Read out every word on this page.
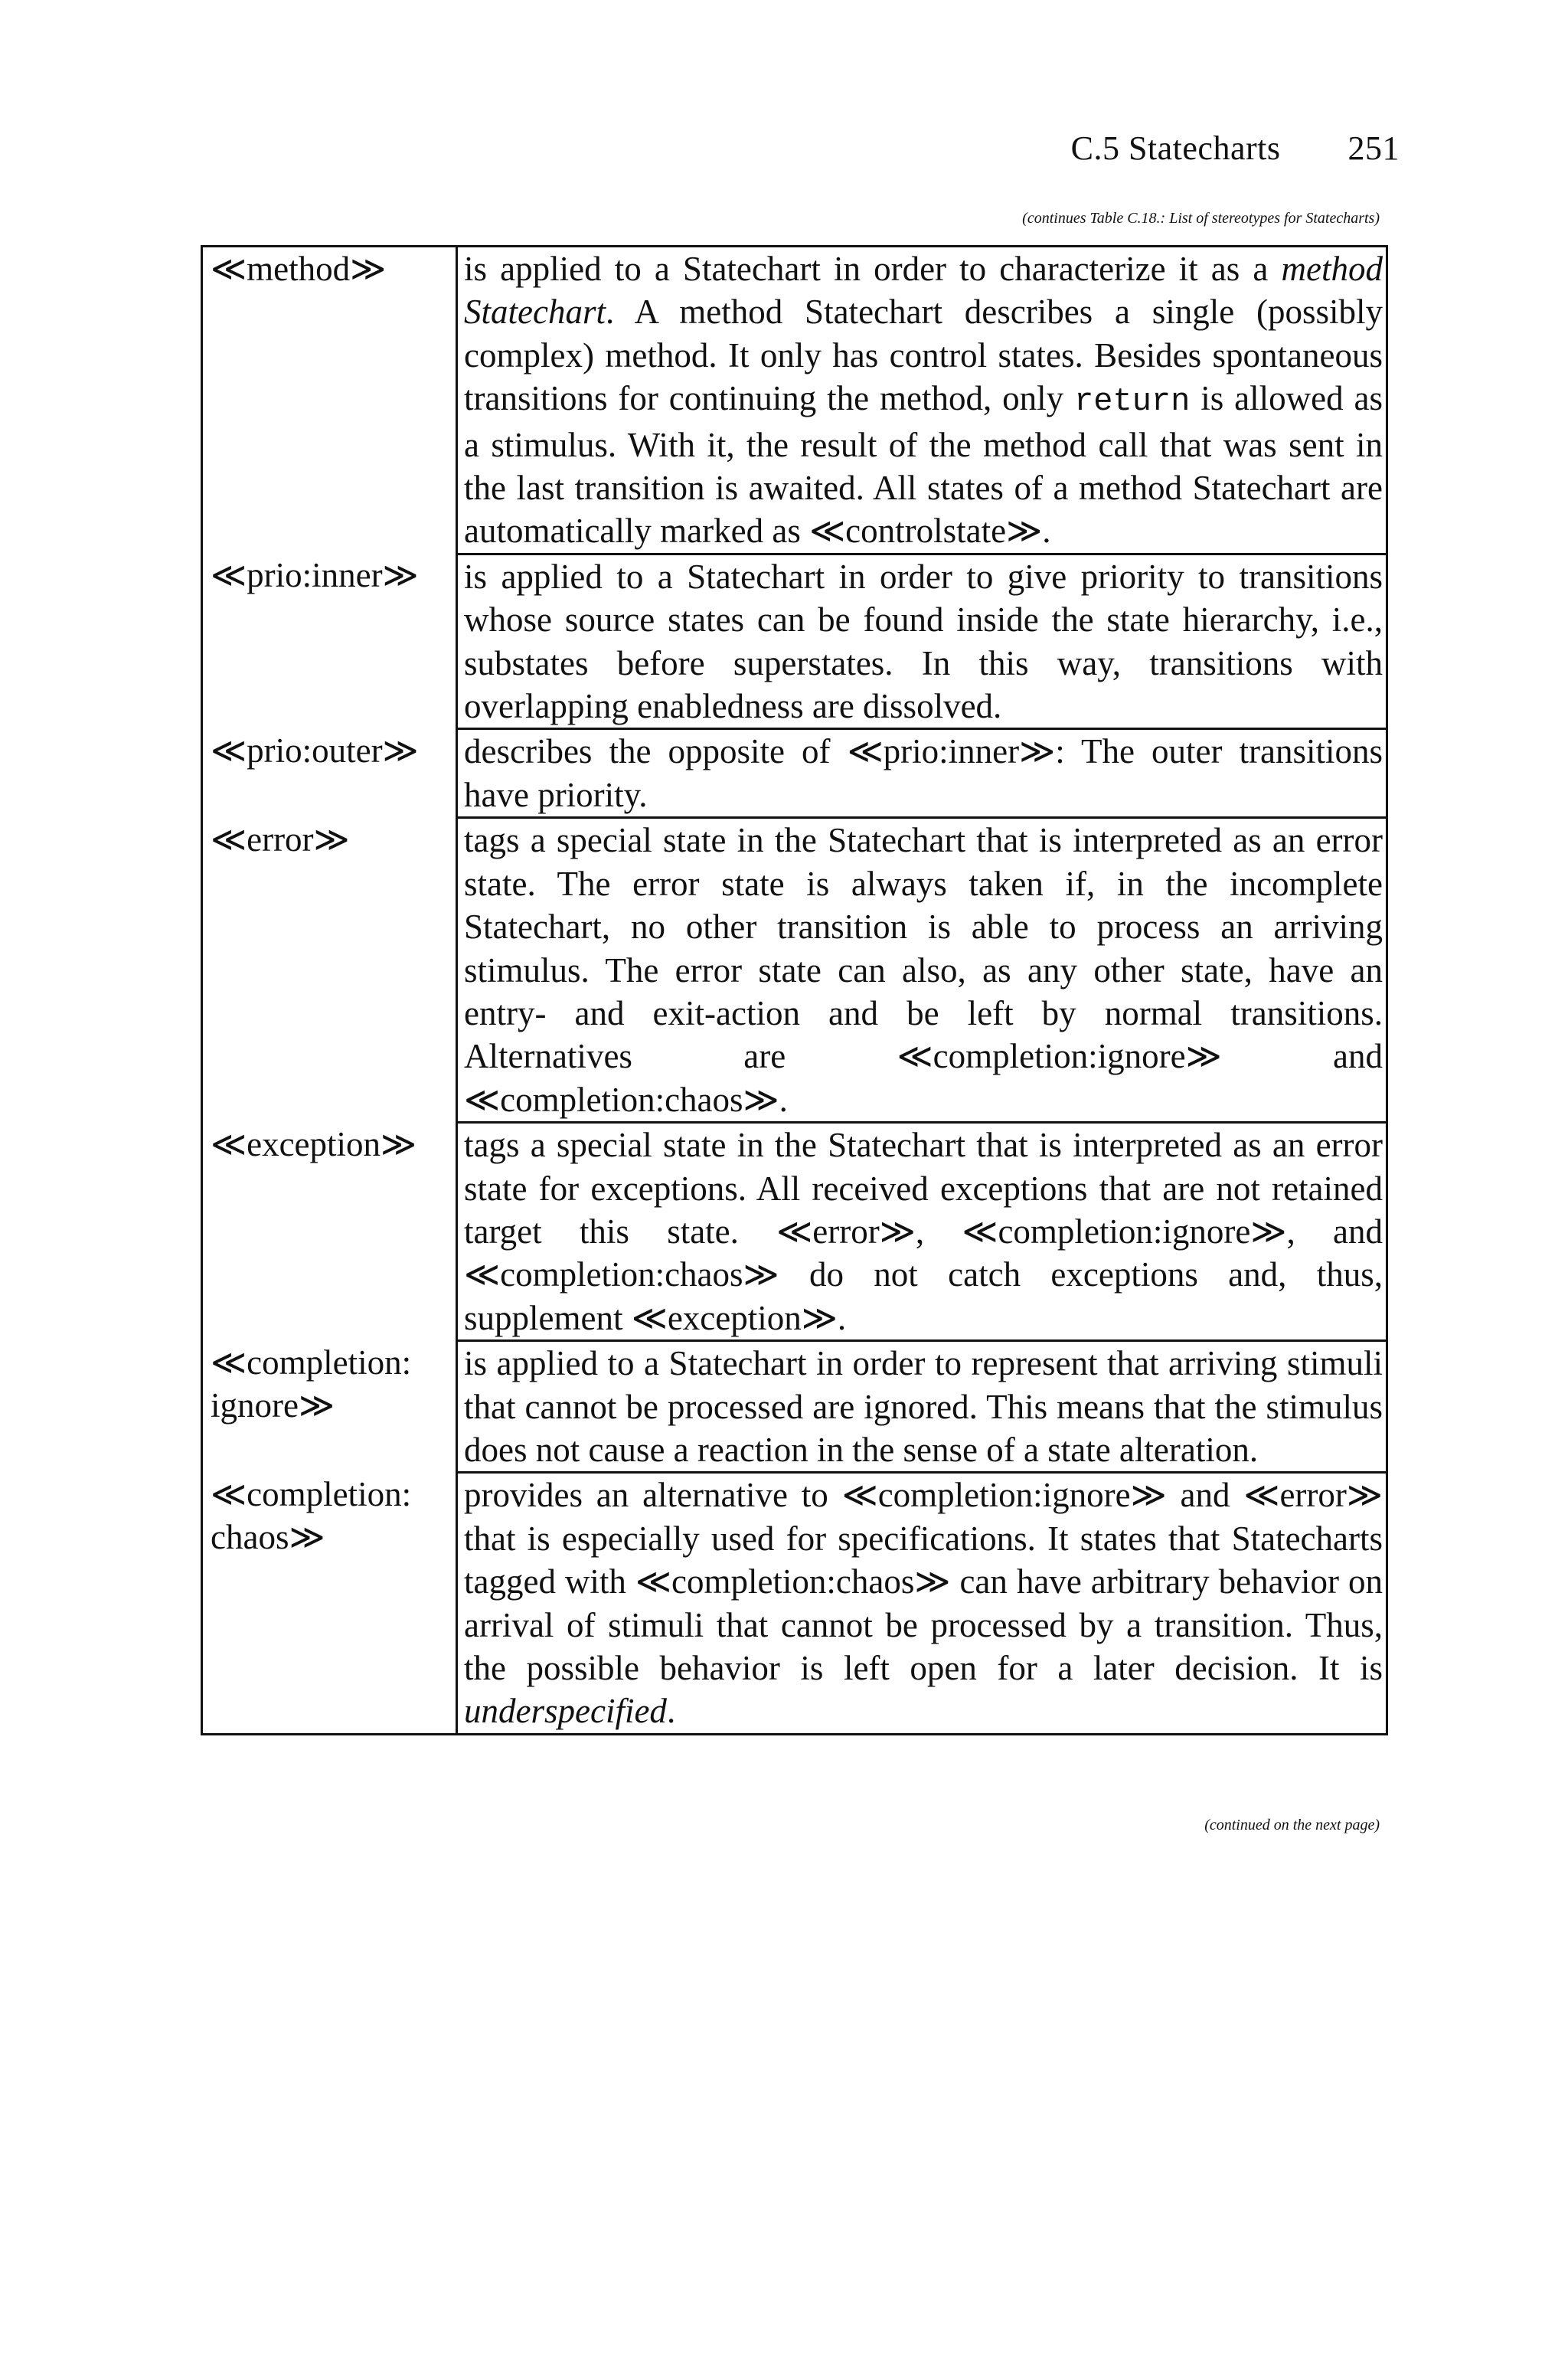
C.5 Statecharts 251
(continues Table C.18.: List of stereotypes for Statecharts)
≪method≫	is applied to a Statechart in order to characterize it as a method Statechart. A method Statechart describes a single (possibly complex) method. It only has control states. Besides spontaneous transitions for continuing the method, only return is allowed as a stimulus. With it, the result of the method call that was sent in the last transition is awaited. All states of a method Statechart are automatically marked as ≪controlstate≫.
≪prio:inner≫	is applied to a Statechart in order to give priority to transitions whose source states can be found inside the state hierarchy, i.e., substates before superstates. In this way, transitions with overlapping enabledness are dissolved.
≪prio:outer≫	describes the opposite of ≪prio:inner≫: The outer transitions have priority.
≪error≫	tags a special state in the Statechart that is interpreted as an error state. The error state is always taken if, in the incomplete Statechart, no other transition is able to process an arriving stimulus. The error state can also, as any other state, have an entry- and exit-action and be left by normal transitions. Alternatives are ≪completion:ignore≫ and ≪completion:chaos≫.
≪exception≫	tags a special state in the Statechart that is interpreted as an error state for exceptions. All received exceptions that are not retained target this state. ≪error≫, ≪completion:ignore≫, and ≪completion:chaos≫ do not catch exceptions and, thus, supplement ≪exception≫.
≪completion:
ignore≫	is applied to a Statechart in order to represent that arriving stimuli that cannot be processed are ignored. This means that the stimulus does not cause a reaction in the sense of a state alteration.
≪completion:
chaos≫	provides an alternative to ≪completion:ignore≫ and ≪error≫ that is especially used for specifications. It states that Statecharts tagged with ≪completion:chaos≫ can have arbitrary behavior on arrival of stimuli that cannot be processed by a transition. Thus, the possible behavior is left open for a later decision. It is underspecified.
(continued on the next page)
